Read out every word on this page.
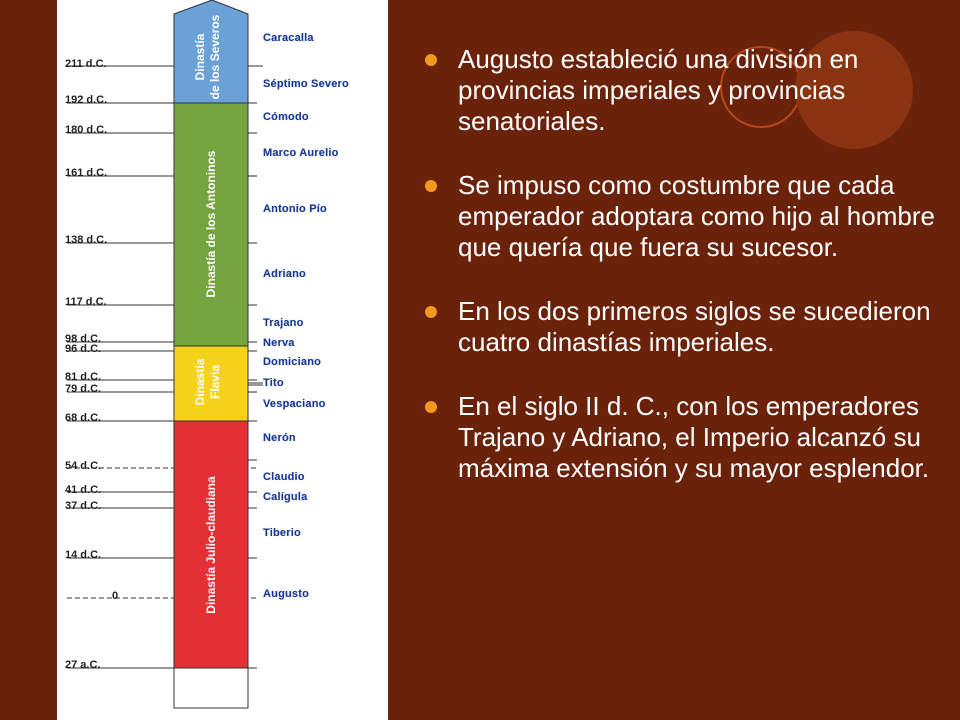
211 d.C.
192 d.C.
180 d.C.
161 d.C.
138 d.C.
117 d.C.
98 d.C.
96 d.C.
81 d.C.
79 d.C.
68 d.C.
54 d.C.
41 d.C.
37 d.C.
14 d.C.
0
27 a.C.
Caracalla
Séptimo Severo
Cómodo
Marco Aurelio
Antonio Pío
Adriano
Trajano
Nerva
Domiciano
Tito
Vespaciano
Nerón
Claudio
Calígula
Tiberio
Augusto
Dinastía de los Severos
Dinastía de los Antoninos
Dinastía Flavia
Dinastía Julio-claudiana
Augusto estableció una división en provincias imperiales y provincias senatoriales.
Se impuso como costumbre que cada emperador adoptara como hijo al hombre que quería que fuera su sucesor.
En los dos primeros siglos se sucedieron cuatro dinastías imperiales.
En el siglo II d. C., con los emperadores Trajano y Adriano, el Imperio alcanzó su máxima extensión y su mayor esplendor.
